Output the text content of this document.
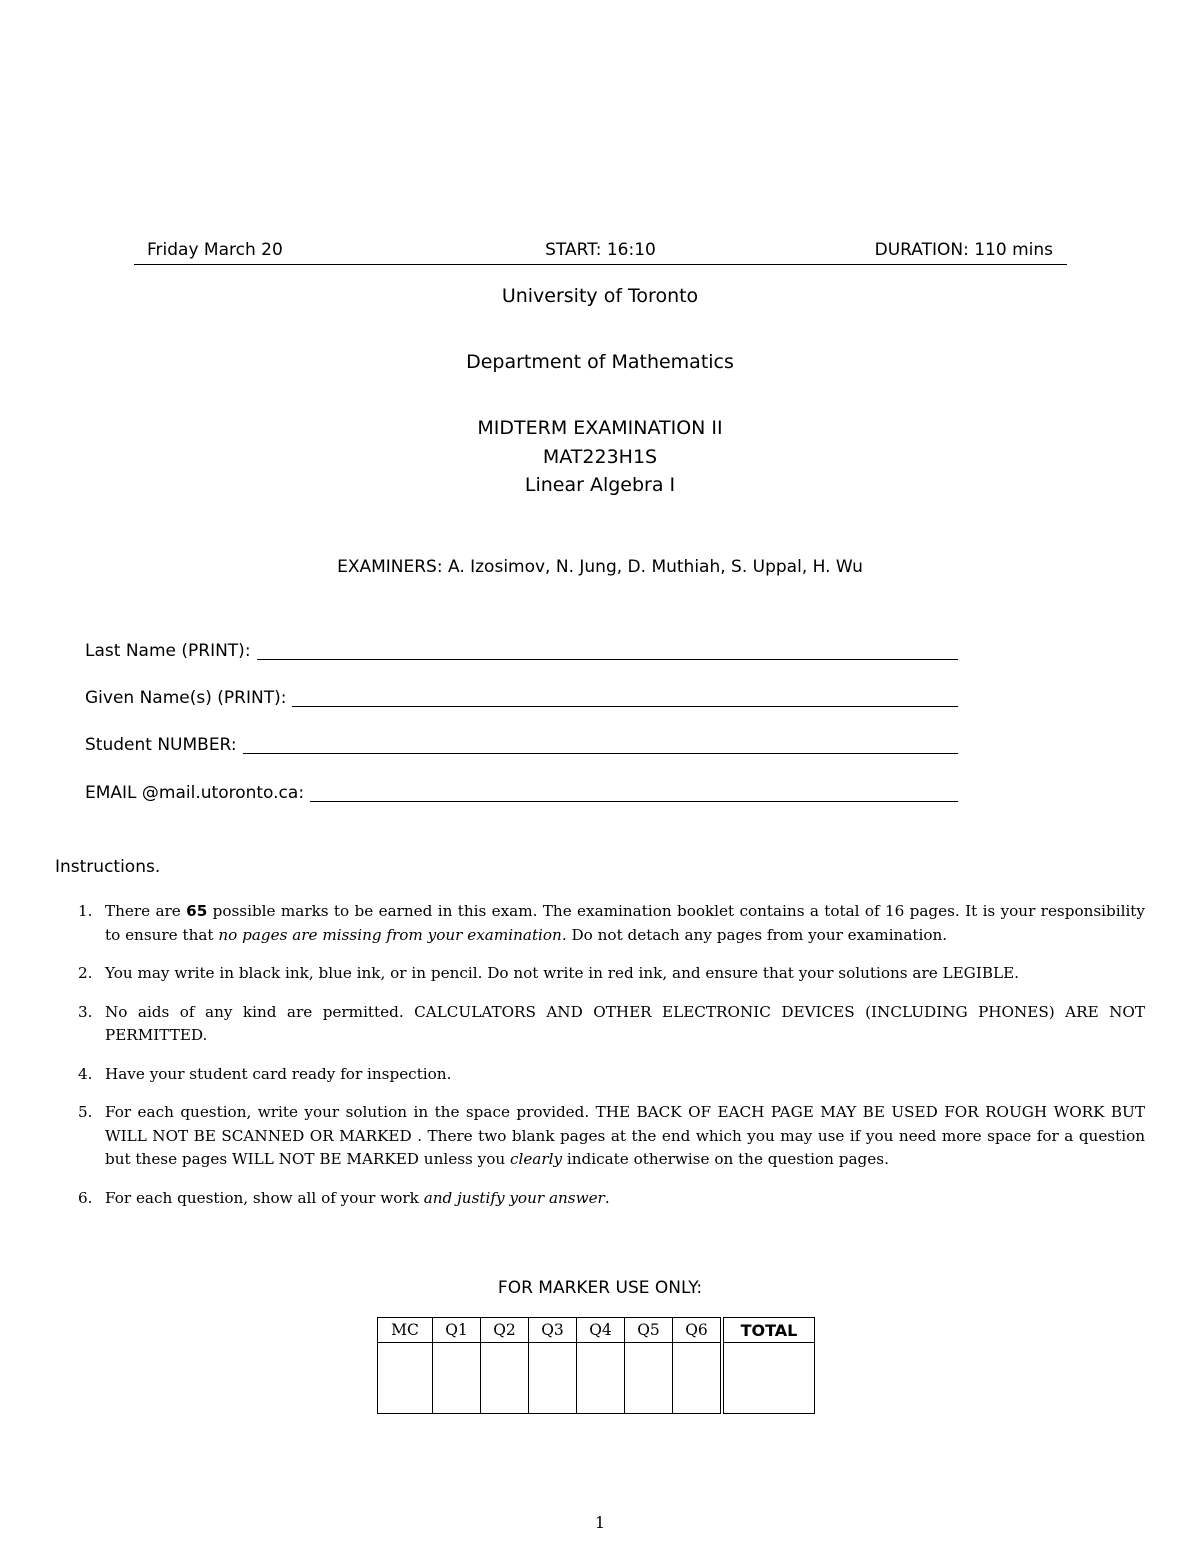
Friday March 20	START: 16:10	DURATION: 110 mins
University of Toronto
Department of Mathematics
MIDTERM EXAMINATION II
MAT223H1S
Linear Algebra I
EXAMINERS: A. Izosimov, N. Jung, D. Muthiah, S. Uppal, H. Wu
Last Name (PRINT):
Given Name(s) (PRINT):
Student NUMBER:
EMAIL @mail.utoronto.ca:
Instructions.
1. There are 65 possible marks to be earned in this exam. The examination booklet contains a total of 16 pages. It is your responsibility to ensure that no pages are missing from your examination. Do not detach any pages from your examination.
2. You may write in black ink, blue ink, or in pencil. Do not write in red ink, and ensure that your solutions are LEGIBLE.
3. No aids of any kind are permitted. CALCULATORS AND OTHER ELECTRONIC DEVICES (INCLUDING PHONES) ARE NOT PERMITTED.
4. Have your student card ready for inspection.
5. For each question, write your solution in the space provided. THE BACK OF EACH PAGE MAY BE USED FOR ROUGH WORK BUT WILL NOT BE SCANNED OR MARKED . There two blank pages at the end which you may use if you need more space for a question but these pages WILL NOT BE MARKED unless you clearly indicate otherwise on the question pages.
6. For each question, show all of your work and justify your answer.
FOR MARKER USE ONLY:
MC	Q1	Q2	Q3	Q4	Q5	Q6	TOTAL

1
